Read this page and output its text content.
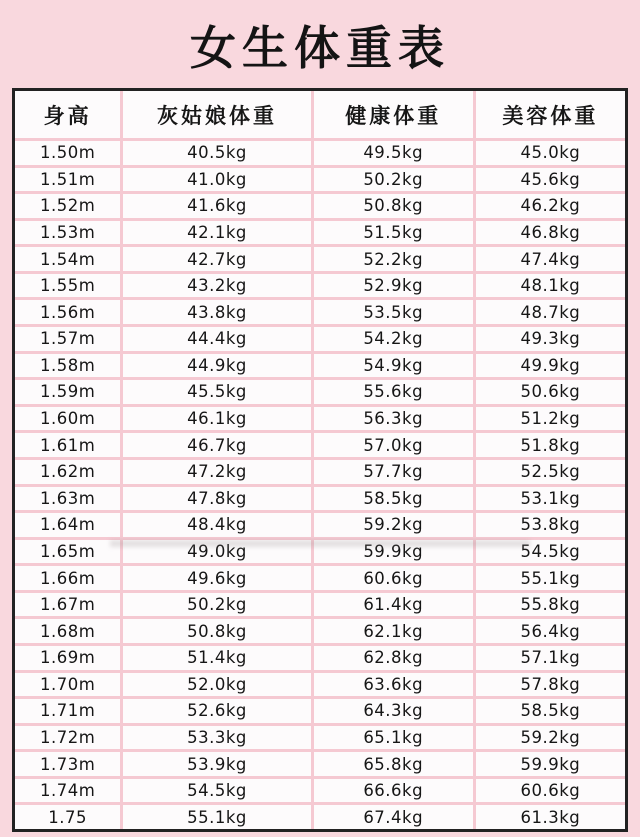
女生体重表
身高	灰姑娘体重	健康体重	美容体重
1.50m	40.5kg	49.5kg	45.0kg
1.51m	41.0kg	50.2kg	45.6kg
1.52m	41.6kg	50.8kg	46.2kg
1.53m	42.1kg	51.5kg	46.8kg
1.54m	42.7kg	52.2kg	47.4kg
1.55m	43.2kg	52.9kg	48.1kg
1.56m	43.8kg	53.5kg	48.7kg
1.57m	44.4kg	54.2kg	49.3kg
1.58m	44.9kg	54.9kg	49.9kg
1.59m	45.5kg	55.6kg	50.6kg
1.60m	46.1kg	56.3kg	51.2kg
1.61m	46.7kg	57.0kg	51.8kg
1.62m	47.2kg	57.7kg	52.5kg
1.63m	47.8kg	58.5kg	53.1kg
1.64m	48.4kg	59.2kg	53.8kg
1.65m	49.0kg	59.9kg	54.5kg
1.66m	49.6kg	60.6kg	55.1kg
1.67m	50.2kg	61.4kg	55.8kg
1.68m	50.8kg	62.1kg	56.4kg
1.69m	51.4kg	62.8kg	57.1kg
1.70m	52.0kg	63.6kg	57.8kg
1.71m	52.6kg	64.3kg	58.5kg
1.72m	53.3kg	65.1kg	59.2kg
1.73m	53.9kg	65.8kg	59.9kg
1.74m	54.5kg	66.6kg	60.6kg
1.75	55.1kg	67.4kg	61.3kg
